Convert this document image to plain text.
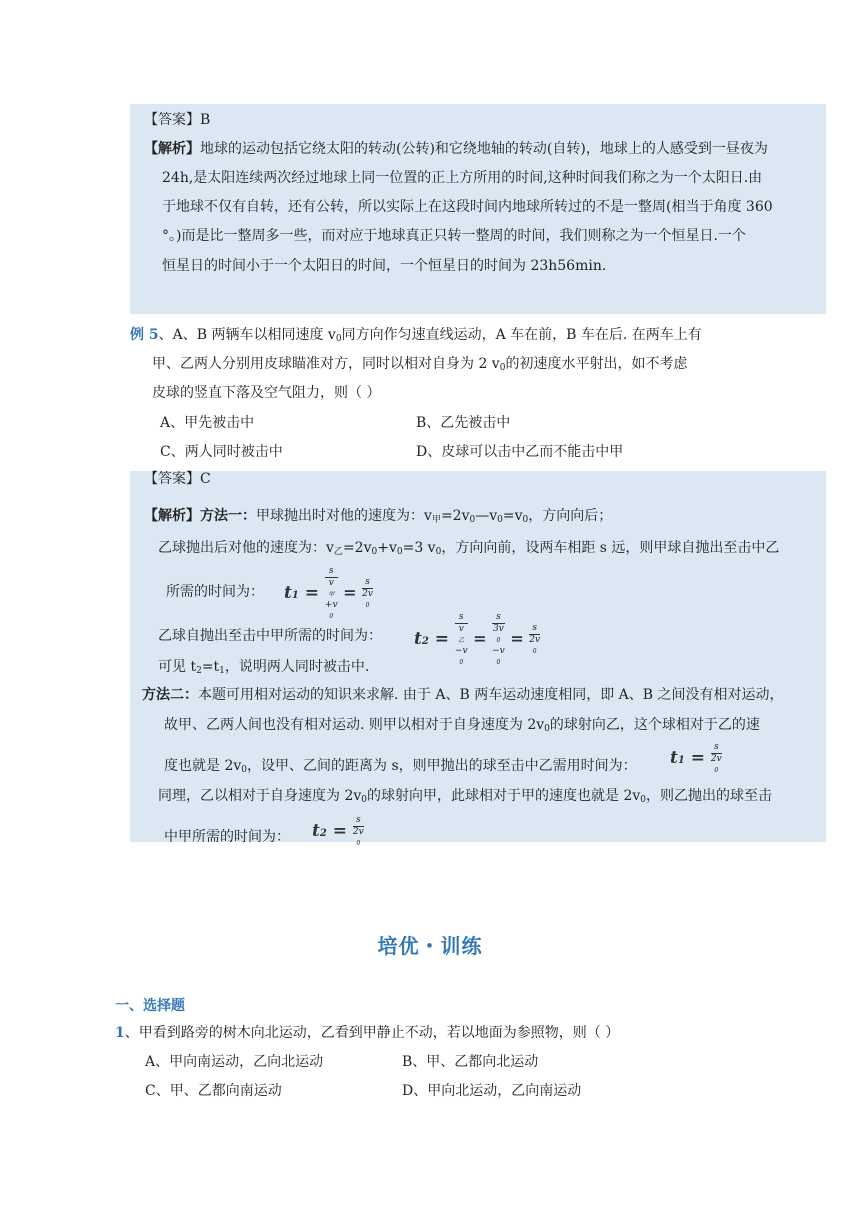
【答案】B
【解析】地球的运动包括它绕太阳的转动(公转)和它绕地轴的转动(自转)，地球上的人感受到一昼夜为
24h,是太阳连续两次经过地球上同一位置的正上方所用的时间,这种时间我们称之为一个太阳日.由
于地球不仅有自转，还有公转，所以实际上在这段时间内地球所转过的不是一整周(相当于角度 360
°。)而是比一整周多一些，而对应于地球真正只转一整周的时间，我们则称之为一个恒星日.一个
恒星日的时间小于一个太阳日的时间，一个恒星日的时间为 23h56min.
例 5、A、B 两辆车以相同速度 $v_0$同方向作匀速直线运动，A 车在前，B 车在后. 在两车上有
甲、乙两人分别用皮球瞄准对方，同时以相对自身为 2 $v_0$的初速度水平射出，如不考虑
皮球的竖直下落及空气阻力，则（ ）
A、甲先被击中	B、乙先被击中
C、两人同时被击中	D、皮球可以击中乙而不能击中甲
【答案】C
【解析】方法一：甲球抛出时对他的速度为：$v_甲=2v_0—v_0=v_0$，方向向后；
乙球抛出后对他的速度为：$v_乙=2v_0+v_0=3$ $v_0$，方向向前，设两车相距 s 远，则甲球自抛出至击中乙
所需的时间为： t1 = s
v
甲
+v
0 = s
2v
0
乙球自抛出至击中甲所需的时间为： t2 = s
v
乙
−v
0 = s
3v
0
−v
0 = s
2v
0
可见 $t_2=t_1$，说明两人同时被击中.
方法二：本题可用相对运动的知识来求解. 由于 A、B 两车运动速度相同，即 A、B 之间没有相对运动，
故甲、乙两人间也没有相对运动. 则甲以相对于自身速度为 $2v_0$的球射向乙，这个球相对于乙的速
度也就是 $2v_0$，设甲、乙间的距离为 s，则甲抛出的球至击中乙需用时间为： t1 = s
2v
0
同理，乙以相对于自身速度为 $2v_0$的球射向甲，此球相对于甲的速度也就是 $2v_0$，则乙抛出的球至击
中甲所需的时间为： t2 = s
2v
0
培优・训练
一、选择题
1、甲看到路旁的树木向北运动，乙看到甲静止不动，若以地面为参照物，则（ ）
A、甲向南运动，乙向北运动	B、甲、乙都向北运动
C、甲、乙都向南运动	D、甲向北运动，乙向南运动
